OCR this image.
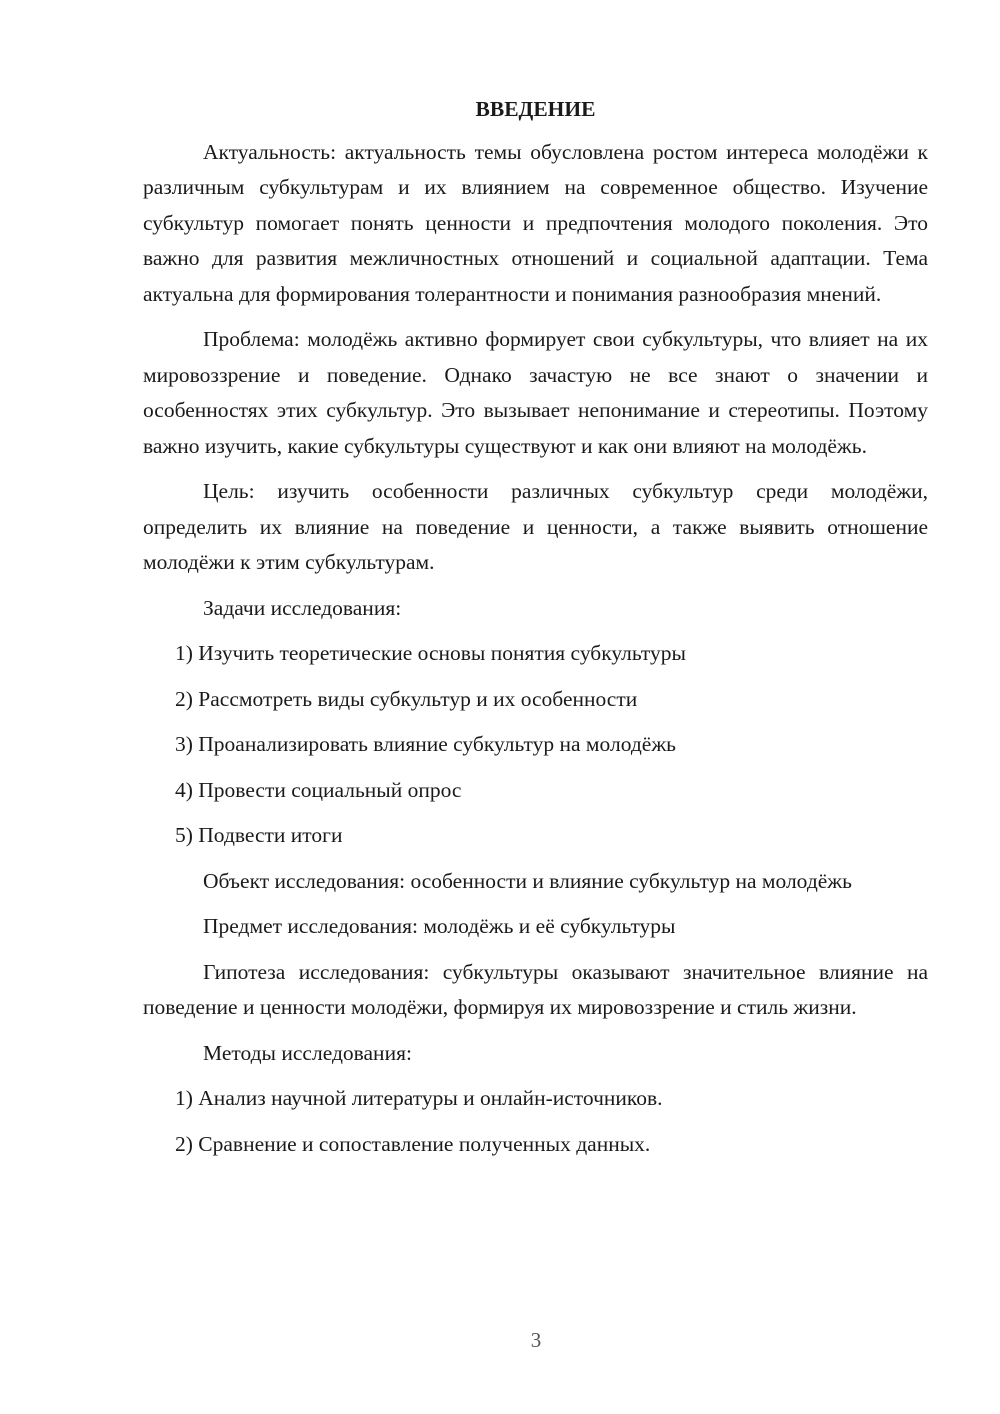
ВВЕДЕНИЕ

Актуальность: актуальность темы обусловлена ростом интереса молодёжи к различным субкультурам и их влиянием на современное общество. Изучение субкультур помогает понять ценности и предпочтения молодого поколения. Это важно для развития межличностных отношений и социальной адаптации. Тема актуальна для формирования толерантности и понимания разнообразия мнений.

Проблема: молодёжь активно формирует свои субкультуры, что влияет на их мировоззрение и поведение. Однако зачастую не все знают о значении и особенностях этих субкультур. Это вызывает непонимание и стереотипы. Поэтому важно изучить, какие субкультуры существуют и как они влияют на молодёжь.

Цель: изучить особенности различных субкультур среди молодёжи, определить их влияние на поведение и ценности, а также выявить отношение молодёжи к этим субкультурам.

Задачи исследования:

1) Изучить теоретические основы понятия субкультуры

2) Рассмотреть виды субкультур и их особенности

3) Проанализировать влияние субкультур на молодёжь

4) Провести социальный опрос

5) Подвести итоги

Объект исследования: особенности и влияние субкультур на молодёжь

Предмет исследования: молодёжь и её субкультуры

Гипотеза исследования: субкультуры оказывают значительное влияние на поведение и ценности молодёжи, формируя их мировоззрение и стиль жизни.

Методы исследования:

1) Анализ научной литературы и онлайн-источников.

2) Сравнение и сопоставление полученных данных.

3
